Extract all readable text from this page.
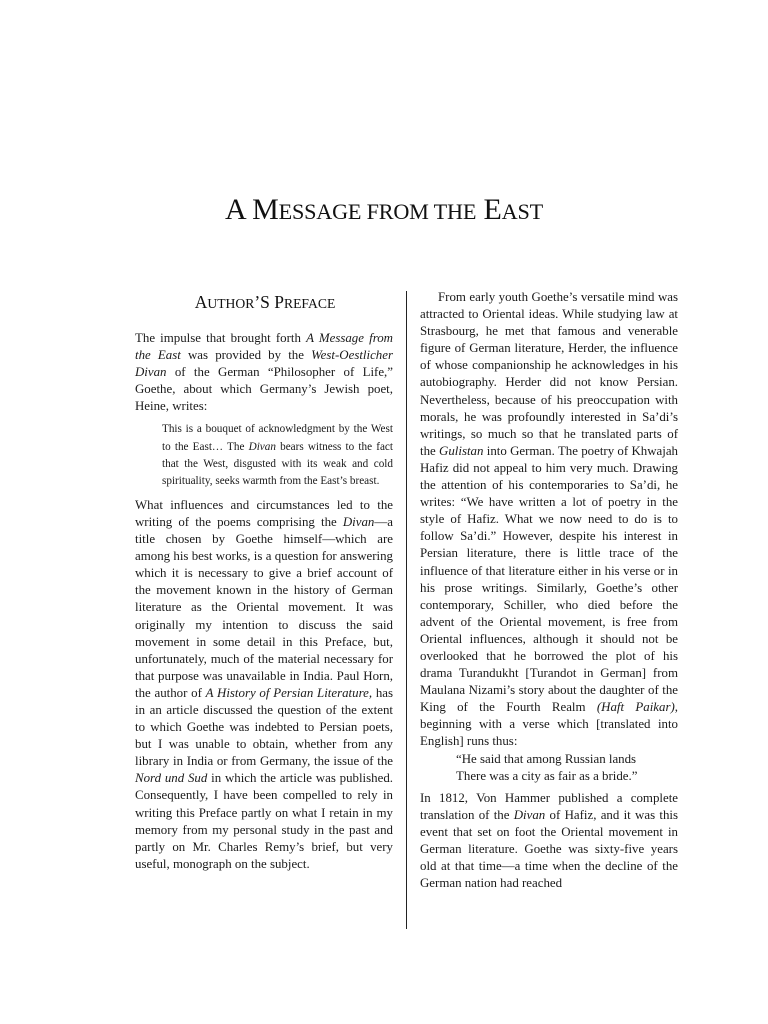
A MESSAGE FROM THE EAST
AUTHOR’S PREFACE

The impulse that brought forth A Message from the East was provided by the West-Oestlicher Divan of the German “Philosopher of Life,” Goethe, about which Germany’s Jewish poet, Heine, writes:

This is a bouquet of acknowledgment by the West to the East… The Divan bears witness to the fact that the West, disgusted with its weak and cold spirituality, seeks warmth from the East’s breast.

What influences and circumstances led to the writing of the poems comprising the Divan—a title chosen by Goethe himself—which are among his best works, is a question for answering which it is necessary to give a brief account of the movement known in the history of German literature as the Oriental movement. It was originally my intention to discuss the said movement in some detail in this Preface, but, unfortunately, much of the material necessary for that purpose was unavailable in India. Paul Horn, the author of A History of Persian Literature, has in an article discussed the question of the extent to which Goethe was indebted to Persian poets, but I was unable to obtain, whether from any library in India or from Germany, the issue of the Nord und Sud in which the article was published. Consequently, I have been compelled to rely in writing this Preface partly on what I retain in my memory from my personal study in the past and partly on Mr. Charles Remy’s brief, but very useful, monograph on the subject.

From early youth Goethe’s versatile mind was attracted to Oriental ideas. While studying law at Strasbourg, he met that famous and venerable figure of German literature, Herder, the influence of whose companionship he acknowledges in his autobiography. Herder did not know Persian. Nevertheless, because of his preoccupation with morals, he was profoundly interested in Sa’di’s writings, so much so that he translated parts of the Gulistan into German. The poetry of Khwajah Hafiz did not appeal to him very much. Drawing the attention of his contemporaries to Sa’di, he writes: “We have written a lot of poetry in the style of Hafiz. What we now need to do is to follow Sa’di.” However, despite his interest in Persian literature, there is little trace of the influence of that literature either in his verse or in his prose writings. Similarly, Goethe’s other contemporary, Schiller, who died before the advent of the Oriental movement, is free from Oriental influences, although it should not be overlooked that he borrowed the plot of his drama Turandukht [Turandot in German] from Maulana Nizami’s story about the daughter of the King of the Fourth Realm (Haft Paikar), beginning with a verse which [translated into English] runs thus:

“He said that among Russian lands
There was a city as fair as a bride.”

In 1812, Von Hammer published a complete translation of the Divan of Hafiz, and it was this event that set on foot the Oriental movement in German literature. Goethe was sixty-five years old at that time—a time when the decline of the German nation had reached
